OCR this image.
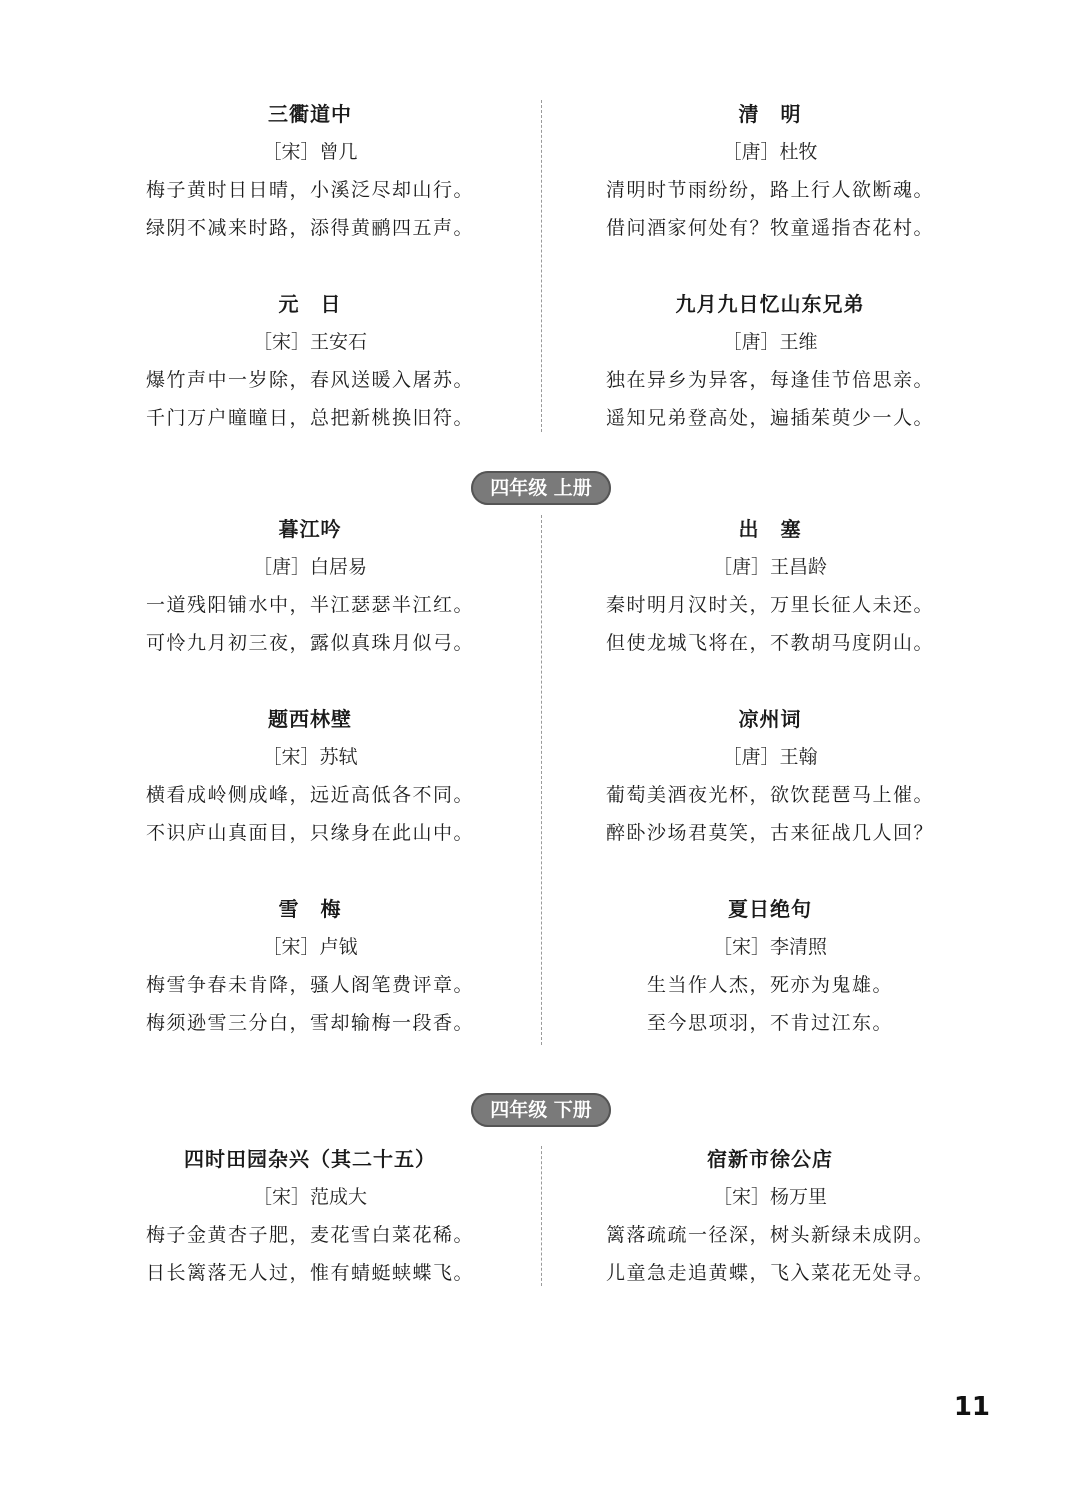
三衢道中
［宋］曾几
梅子黄时日日晴，小溪泛尽却山行。
绿阴不减来时路，添得黄鹂四五声。
清　明
［唐］杜牧
清明时节雨纷纷，路上行人欲断魂。
借问酒家何处有？牧童遥指杏花村。
元　日
［宋］王安石
爆竹声中一岁除，春风送暖入屠苏。
千门万户曈曈日，总把新桃换旧符。
九月九日忆山东兄弟
［唐］王维
独在异乡为异客，每逢佳节倍思亲。
遥知兄弟登高处，遍插茱萸少一人。
四年级 上册
暮江吟
［唐］白居易
一道残阳铺水中，半江瑟瑟半江红。
可怜九月初三夜，露似真珠月似弓。
出　塞
［唐］王昌龄
秦时明月汉时关，万里长征人未还。
但使龙城飞将在，不教胡马度阴山。
题西林壁
［宋］苏轼
横看成岭侧成峰，远近高低各不同。
不识庐山真面目，只缘身在此山中。
凉州词
［唐］王翰
葡萄美酒夜光杯，欲饮琵琶马上催。
醉卧沙场君莫笑，古来征战几人回？
雪　梅
［宋］卢钺
梅雪争春未肯降，骚人阁笔费评章。
梅须逊雪三分白，雪却输梅一段香。
夏日绝句
［宋］李清照
生当作人杰，死亦为鬼雄。
至今思项羽，不肯过江东。
四年级 下册
四时田园杂兴（其二十五）
［宋］范成大
梅子金黄杏子肥，麦花雪白菜花稀。
日长篱落无人过，惟有蜻蜓蛱蝶飞。
宿新市徐公店
［宋］杨万里
篱落疏疏一径深，树头新绿未成阴。
儿童急走追黄蝶，飞入菜花无处寻。
11
